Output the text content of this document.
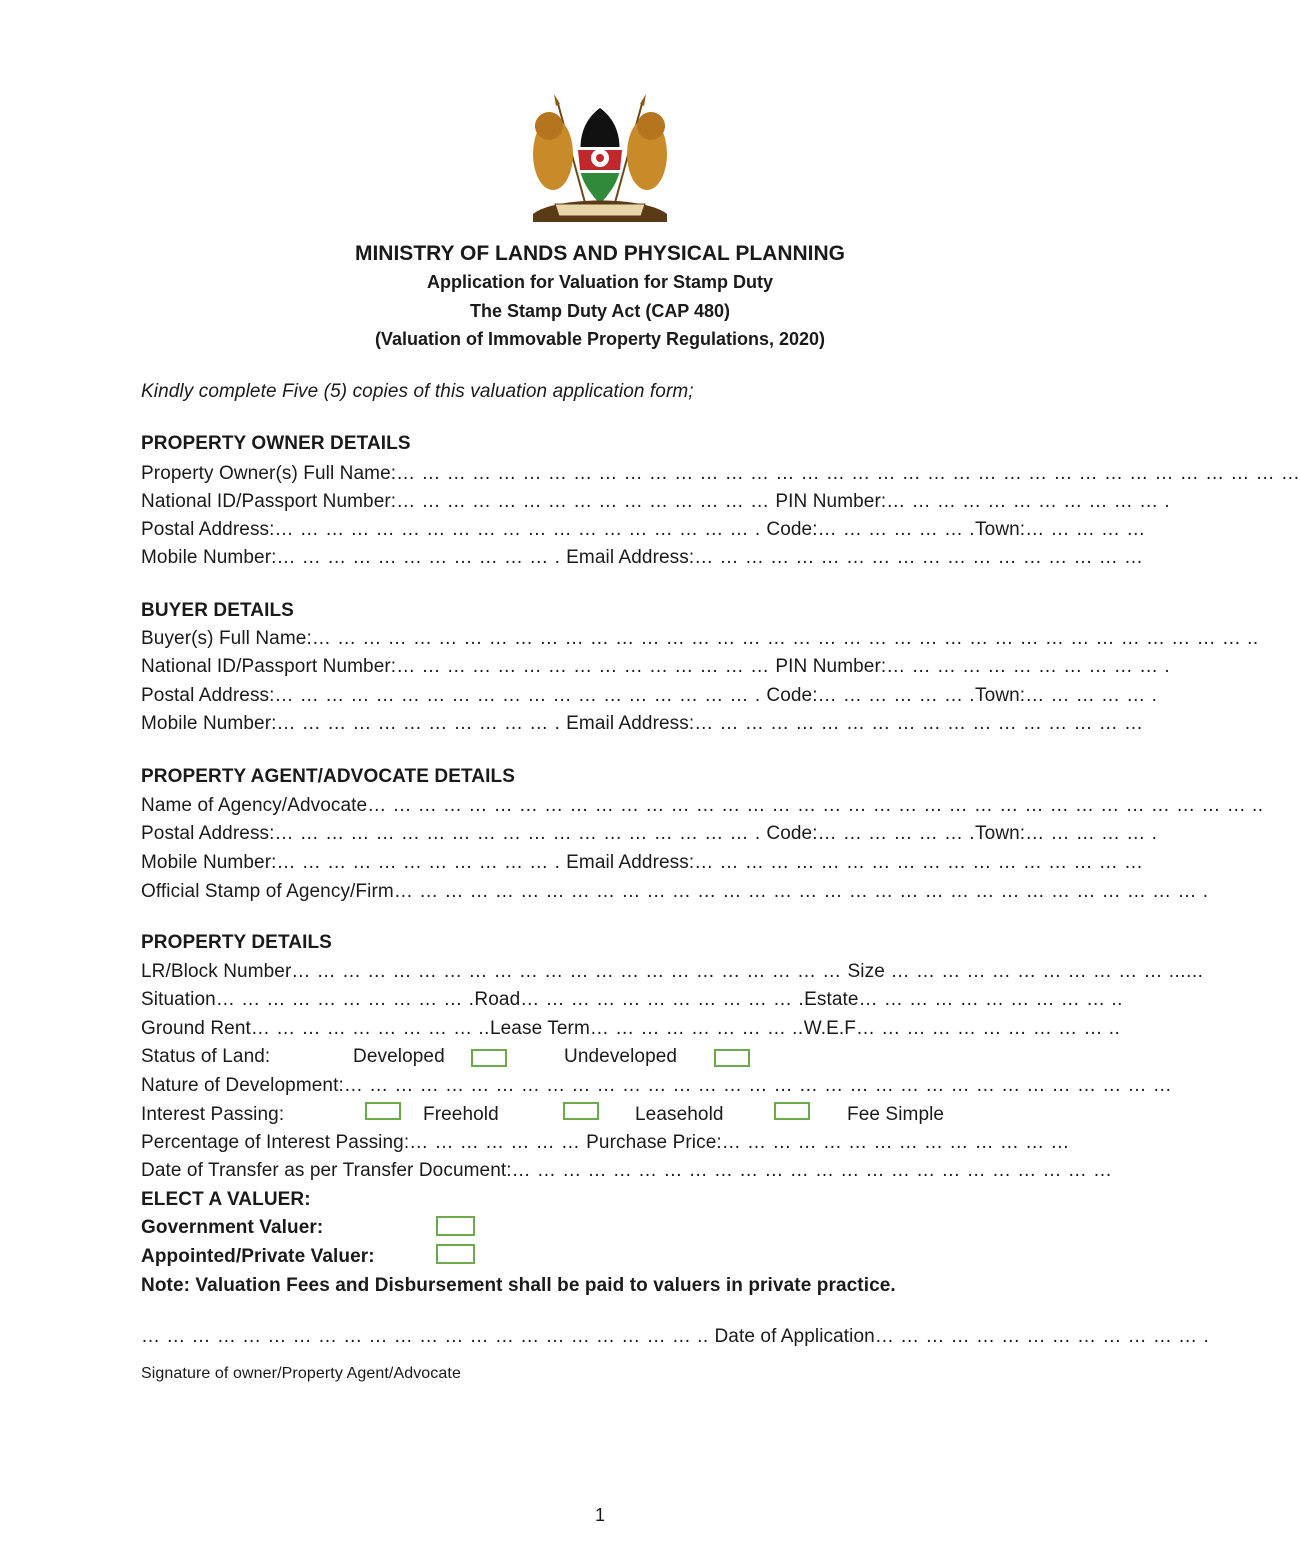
MINISTRY OF LANDS AND PHYSICAL PLANNING

Application for Valuation for Stamp Duty

The Stamp Duty Act (CAP 480)

(Valuation of Immovable Property Regulations, 2020)

Kindly complete Five (5) copies of this valuation application form;

PROPERTY OWNER DETAILS

Property Owner(s) Full Name:… … … … … … … … … … … … … … … … … … … … … … … … … … … … … … … … … … … …

National ID/Passport Number:… … … … … … … … … … … … … … … PIN Number:… … … … … … … … … … … .

Postal Address:… … … … … … … … … … … … … … … … … … … . Code:… … … … … … .Town:… … … … …

Mobile Number:… … … … … … … … … … … . Email Address:… … … … … … … … … … … … … … … … … …

BUYER DETAILS

Buyer(s) Full Name:… … … … … … … … … … … … … … … … … … … … … … … … … … … … … … … … … … … … … ..

National ID/Passport Number:… … … … … … … … … … … … … … … PIN Number:… … … … … … … … … … … .

Postal Address:… … … … … … … … … … … … … … … … … … … . Code:… … … … … … .Town:… … … … … .

Mobile Number:… … … … … … … … … … … . Email Address:… … … … … … … … … … … … … … … … … …

PROPERTY AGENT/ADVOCATE DETAILS

Name of Agency/Advocate… … … … … … … … … … … … … … … … … … … … … … … … … … … … … … … … … … … ..

Postal Address:… … … … … … … … … … … … … … … … … … … . Code:… … … … … … .Town:… … … … … .

Mobile Number:… … … … … … … … … … … . Email Address:… … … … … … … … … … … … … … … … … …

Official Stamp of Agency/Firm… … … … … … … … … … … … … … … … … … … … … … … … … … … … … … … … .

PROPERTY DETAILS

LR/Block Number… … … … … … … … … … … … … … … … … … … … … … Size … … … … … … … … … … … ......

Situation… … … … … … … … … … .Road… … … … … … … … … … … .Estate… … … … … … … … … … ..

Ground Rent… … … … … … … … … ..Lease Term… … … … … … … … ..W.E.F… … … … … … … … … … ..

Status of Land:	Developed	Undeveloped

Nature of Development:… … … … … … … … … … … … … … … … … … … … … … … … … … … … … … … … …

Interest Passing:	Freehold	Leasehold	Fee Simple

Percentage of Interest Passing:… … … … … … … Purchase Price:… … … … … … … … … … … … … …

Date of Transfer as per Transfer Document:… … … … … … … … … … … … … … … … … … … … … … … …

ELECT A VALUER:

Government Valuer:

Appointed/Private Valuer:

Note: Valuation Fees and Disbursement shall be paid to valuers in private practice.

… … … … … … … … … … … … … … … … … … … … … … .. Date of Application… … … … … … … … … … … … … .

Signature of owner/Property Agent/Advocate

1
